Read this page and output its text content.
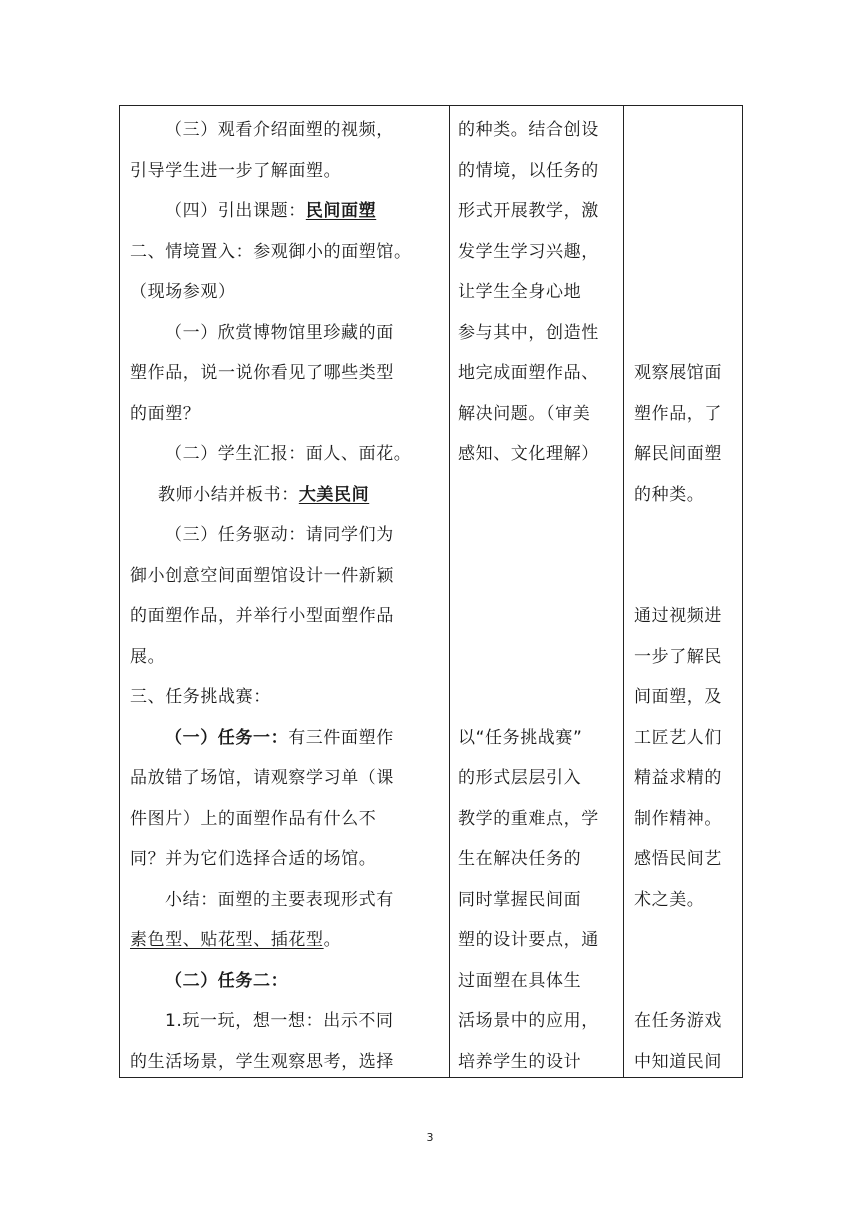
（三）观看介绍面塑的视频，
引导学生进一步了解面塑。
（四）引出课题：民间面塑
二、情境置入：参观御小的面塑馆。
（现场参观）
（一）欣赏博物馆里珍藏的面
塑作品，说一说你看见了哪些类型
的面塑？
（二）学生汇报：面人、面花。
教师小结并板书：大美民间
（三）任务驱动：请同学们为
御小创意空间面塑馆设计一件新颖
的面塑作品，并举行小型面塑作品
展。
三、任务挑战赛：
（一）任务一：有三件面塑作
品放错了场馆，请观察学习单（课
件图片）上的面塑作品有什么不
同？并为它们选择合适的场馆。
小结：面塑的主要表现形式有
素色型、贴花型、插花型。
（二）任务二：
1.玩一玩，想一想：出示不同
的生活场景，学生观察思考，选择
的种类。结合创设
的情境，以任务的
形式开展教学，激
发学生学习兴趣，
让学生全身心地
参与其中，创造性
地完成面塑作品、
解决问题。（审美
感知、文化理解）
以“任务挑战赛”
的形式层层引入
教学的重难点，学
生在解决任务的
同时掌握民间面
塑的设计要点，通
过面塑在具体生
活场景中的应用，
培养学生的设计
观察展馆面
塑作品，了
解民间面塑
的种类。
通过视频进
一步了解民
间面塑，及
工匠艺人们
精益求精的
制作精神。
感悟民间艺
术之美。
在任务游戏
中知道民间
3
